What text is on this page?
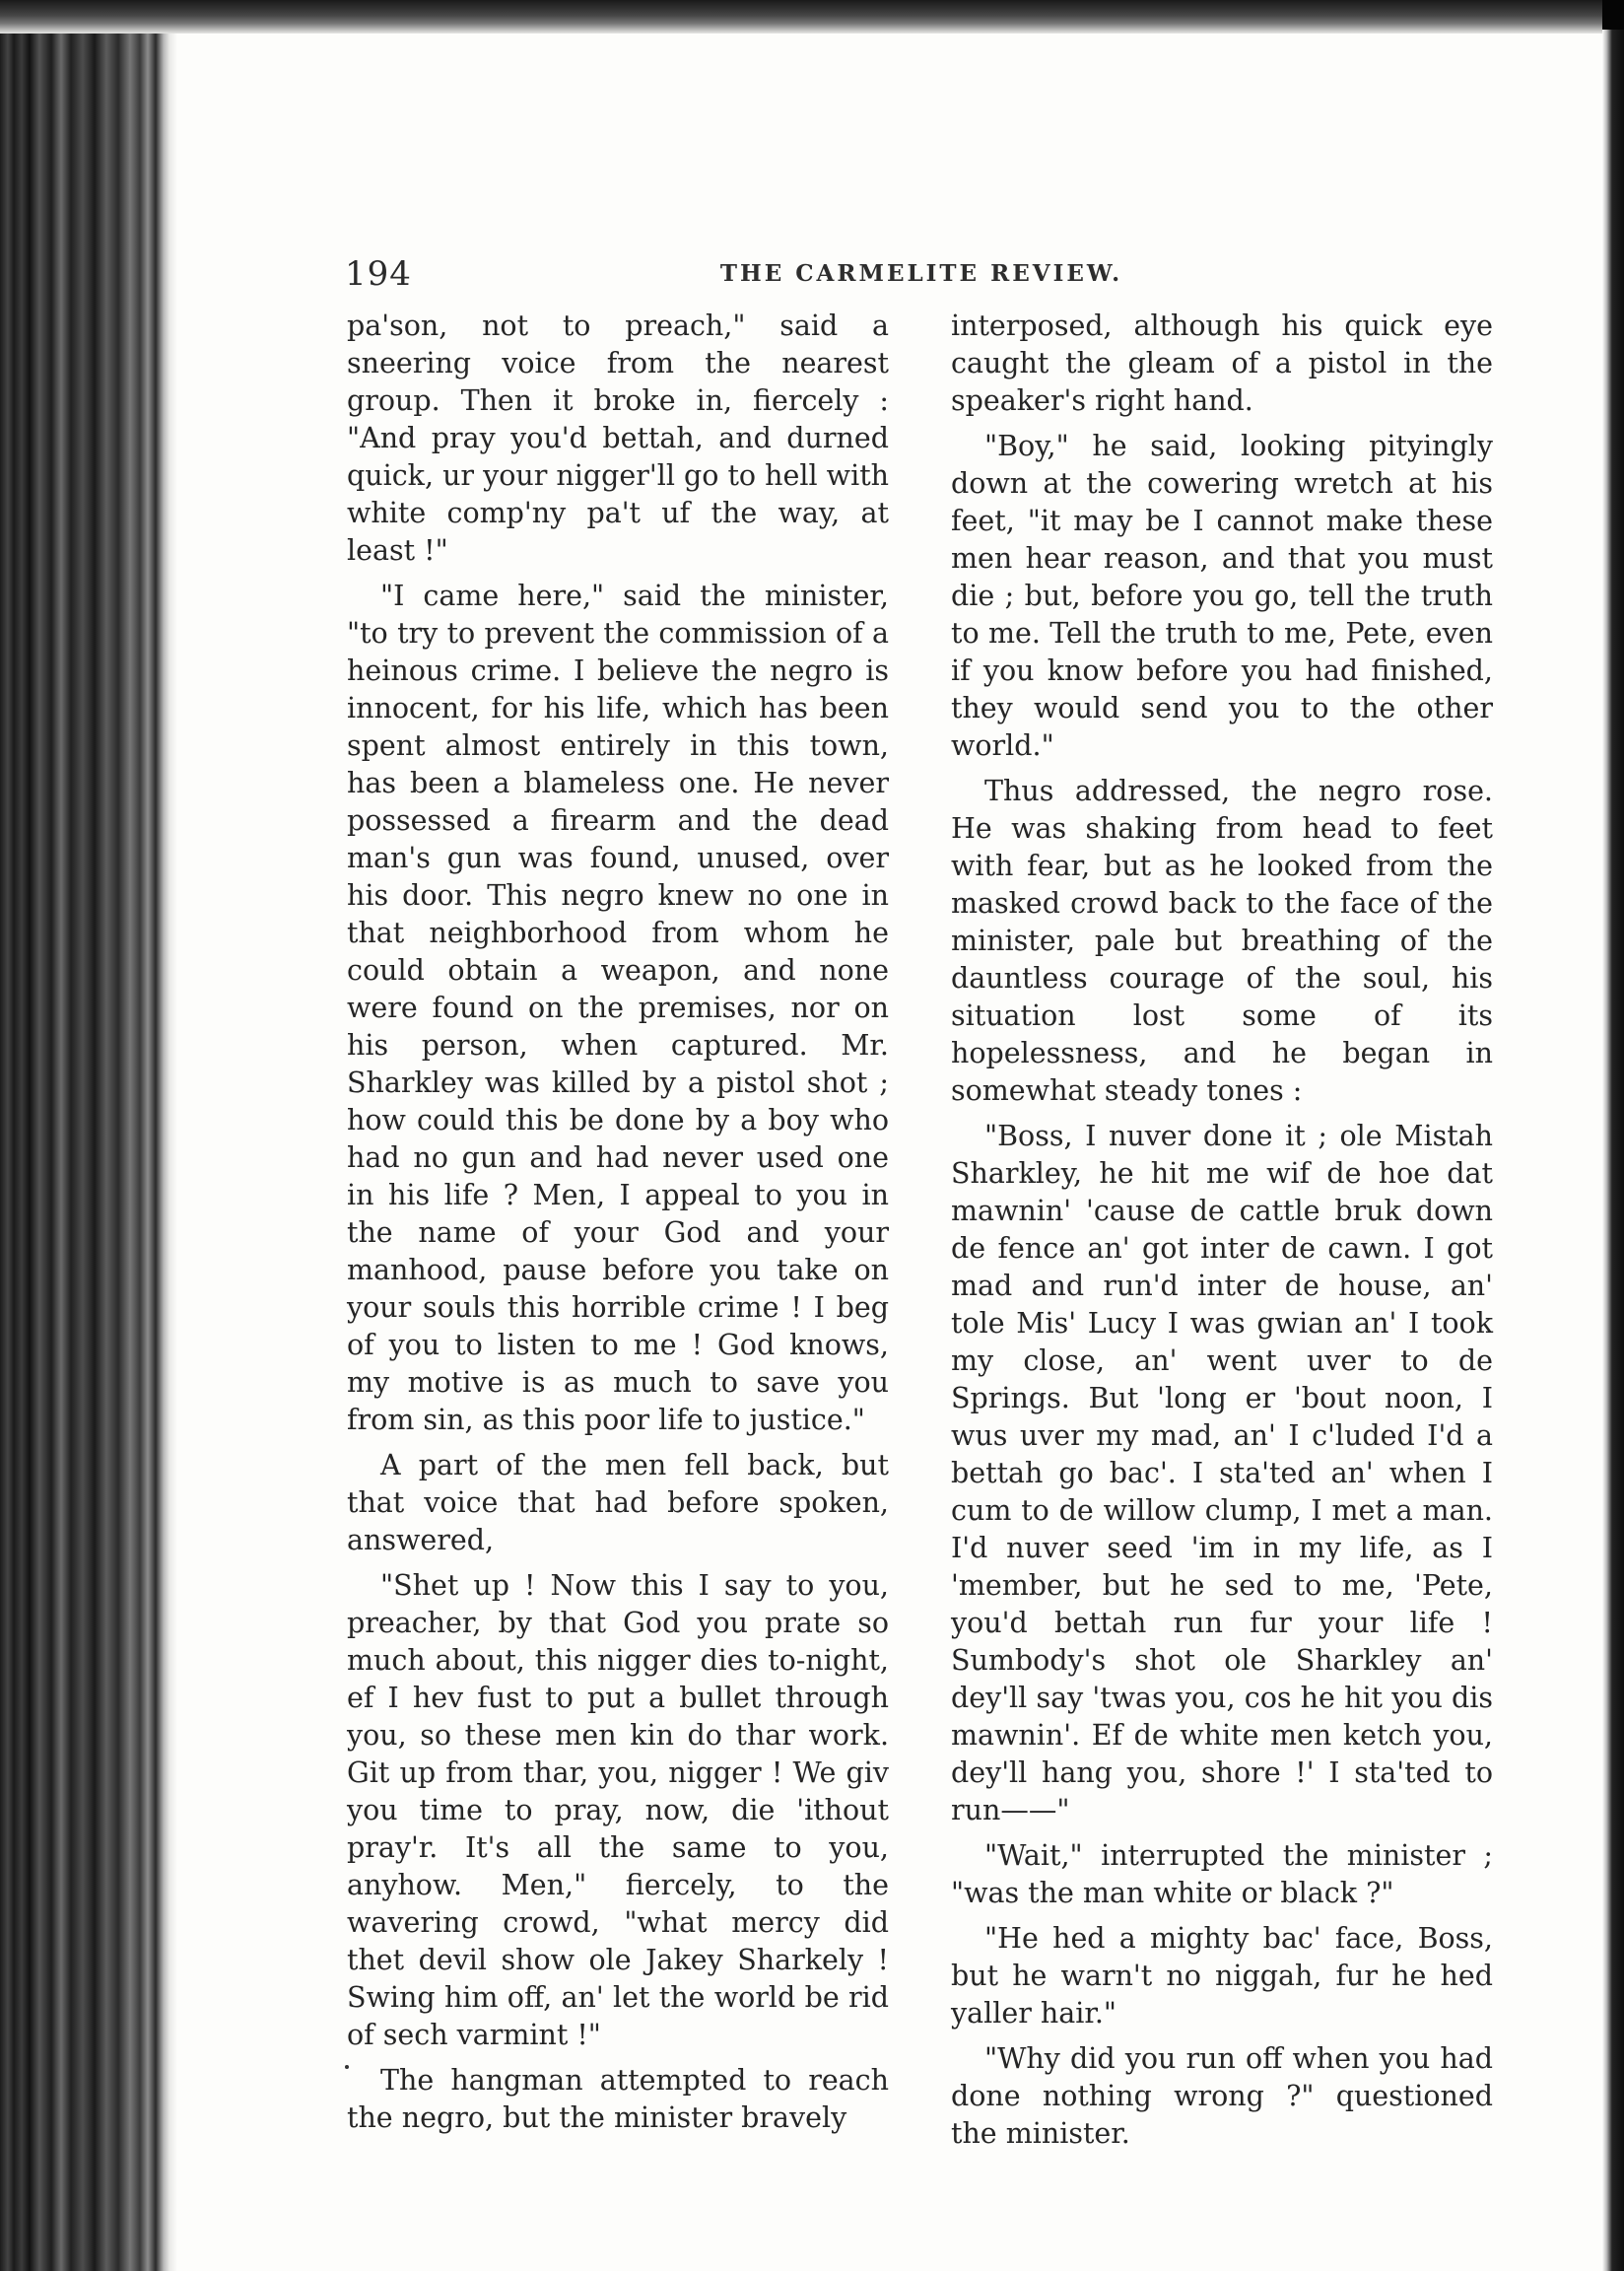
194	THE CARMELITE REVIEW.

pa'son, not to preach," said a sneering voice from the nearest group. Then it broke in, fiercely : "And pray you'd bettah, and durned quick, ur your nigger'll go to hell with white comp'ny pa't uf the way, at least !"

"I came here," said the minister, "to try to prevent the commission of a heinous crime. I believe the negro is innocent, for his life, which has been spent almost entirely in this town, has been a blameless one. He never possessed a firearm and the dead man's gun was found, unused, over his door. This negro knew no one in that neighborhood from whom he could obtain a weapon, and none were found on the premises, nor on his person, when captured. Mr. Sharkley was killed by a pistol shot ; how could this be done by a boy who had no gun and had never used one in his life ? Men, I appeal to you in the name of your God and your manhood, pause before you take on your souls this horrible crime ! I beg of you to listen to me ! God knows, my motive is as much to save you from sin, as this poor life to justice."

A part of the men fell back, but that voice that had before spoken, answered,

"Shet up ! Now this I say to you, preacher, by that God you prate so much about, this nigger dies to-night, ef I hev fust to put a bullet through you, so these men kin do thar work. Git up from thar, you, nigger ! We giv you time to pray, now, die 'ithout pray'r. It's all the same to you, anyhow. Men," fiercely, to the wavering crowd, "what mercy did thet devil show ole Jakey Sharkely ! Swing him off, an' let the world be rid of sech varmint !"

The hangman attempted to reach the negro, but the minister bravely

interposed, although his quick eye caught the gleam of a pistol in the speaker's right hand.

"Boy," he said, looking pityingly down at the cowering wretch at his feet, "it may be I cannot make these men hear reason, and that you must die ; but, before you go, tell the truth to me. Tell the truth to me, Pete, even if you know before you had finished, they would send you to the other world."

Thus addressed, the negro rose. He was shaking from head to feet with fear, but as he looked from the masked crowd back to the face of the minister, pale but breathing of the dauntless courage of the soul, his situation lost some of its hopelessness, and he began in somewhat steady tones :

"Boss, I nuver done it ; ole Mistah Sharkley, he hit me wif de hoe dat mawnin' 'cause de cattle bruk down de fence an' got inter de cawn. I got mad and run'd inter de house, an' tole Mis' Lucy I was gwian an' I took my close, an' went uver to de Springs. But 'long er 'bout noon, I wus uver my mad, an' I c'luded I'd a bettah go bac'. I sta'ted an' when I cum to de willow clump, I met a man. I'd nuver seed 'im in my life, as I 'member, but he sed to me, 'Pete, you'd bettah run fur your life ! Sumbody's shot ole Sharkley an' dey'll say 'twas you, cos he hit you dis mawnin'. Ef de white men ketch you, dey'll hang you, shore !' I sta'ted to run——"

"Wait," interrupted the minister ; "was the man white or black ?"

"He hed a mighty bac' face, Boss, but he warn't no niggah, fur he hed yaller hair."

"Why did you run off when you had done nothing wrong ?" questioned the minister.
